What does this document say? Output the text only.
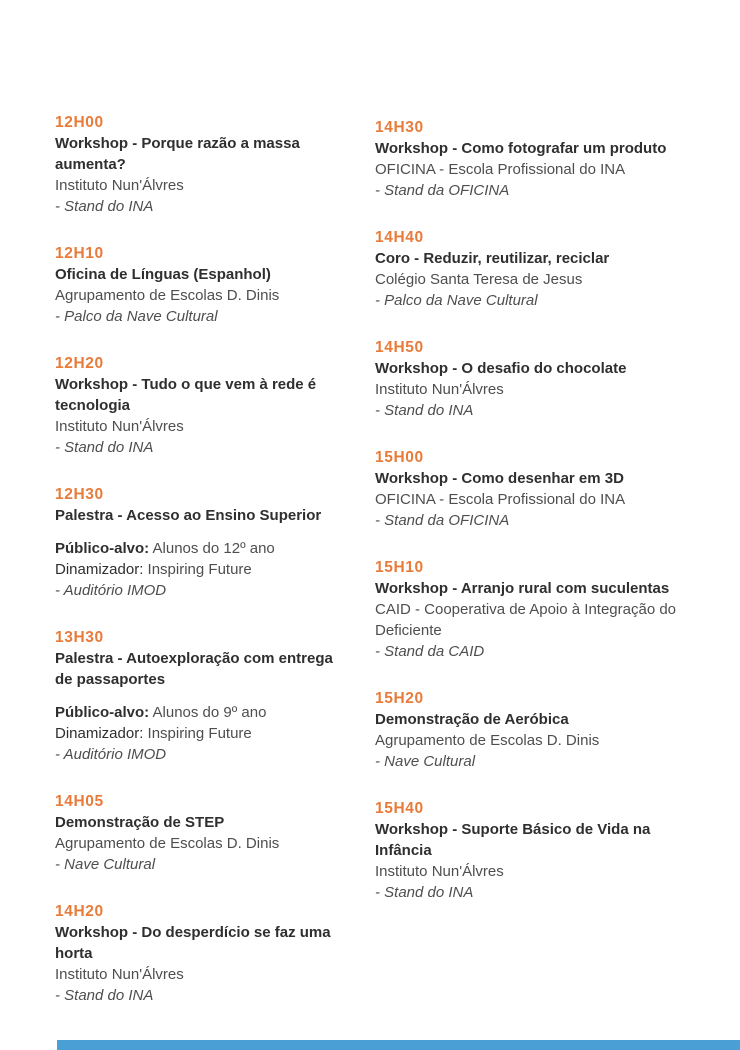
12H00
Workshop - Porque razão a massa aumenta?
Instituto Nun'Álvres
- Stand do INA
12H10
Oficina de Línguas (Espanhol)
Agrupamento de Escolas D. Dinis
- Palco da Nave Cultural
12H20
Workshop - Tudo o que vem à rede é tecnologia
Instituto Nun'Álvres
- Stand do INA
12H30
Palestra - Acesso ao Ensino Superior
Público-alvo: Alunos do 12º ano
Dinamizador: Inspiring Future
- Auditório IMOD
13H30
Palestra - Autoexploração com entrega de passaportes
Público-alvo: Alunos do 9º ano
Dinamizador: Inspiring Future
- Auditório IMOD
14H05
Demonstração de STEP
Agrupamento de Escolas D. Dinis
- Nave Cultural
14H20
Workshop - Do desperdício se faz uma horta
Instituto Nun'Álvres
- Stand do INA
14H30
Workshop - Como fotografar um produto
OFICINA - Escola Profissional do INA
- Stand da OFICINA
14H40
Coro - Reduzir, reutilizar, reciclar
Colégio Santa Teresa de Jesus
- Palco da Nave Cultural
14H50
Workshop - O desafio do chocolate
Instituto Nun'Álvres
- Stand do INA
15H00
Workshop - Como desenhar em 3D
OFICINA - Escola Profissional do INA
- Stand da OFICINA
15H10
Workshop - Arranjo rural com suculentas
CAID - Cooperativa de Apoio à Integração do Deficiente
- Stand da CAID
15H20
Demonstração de Aeróbica
Agrupamento de Escolas D. Dinis
- Nave Cultural
15H40
Workshop - Suporte Básico de Vida na Infância
Instituto Nun'Álvres
- Stand do INA
